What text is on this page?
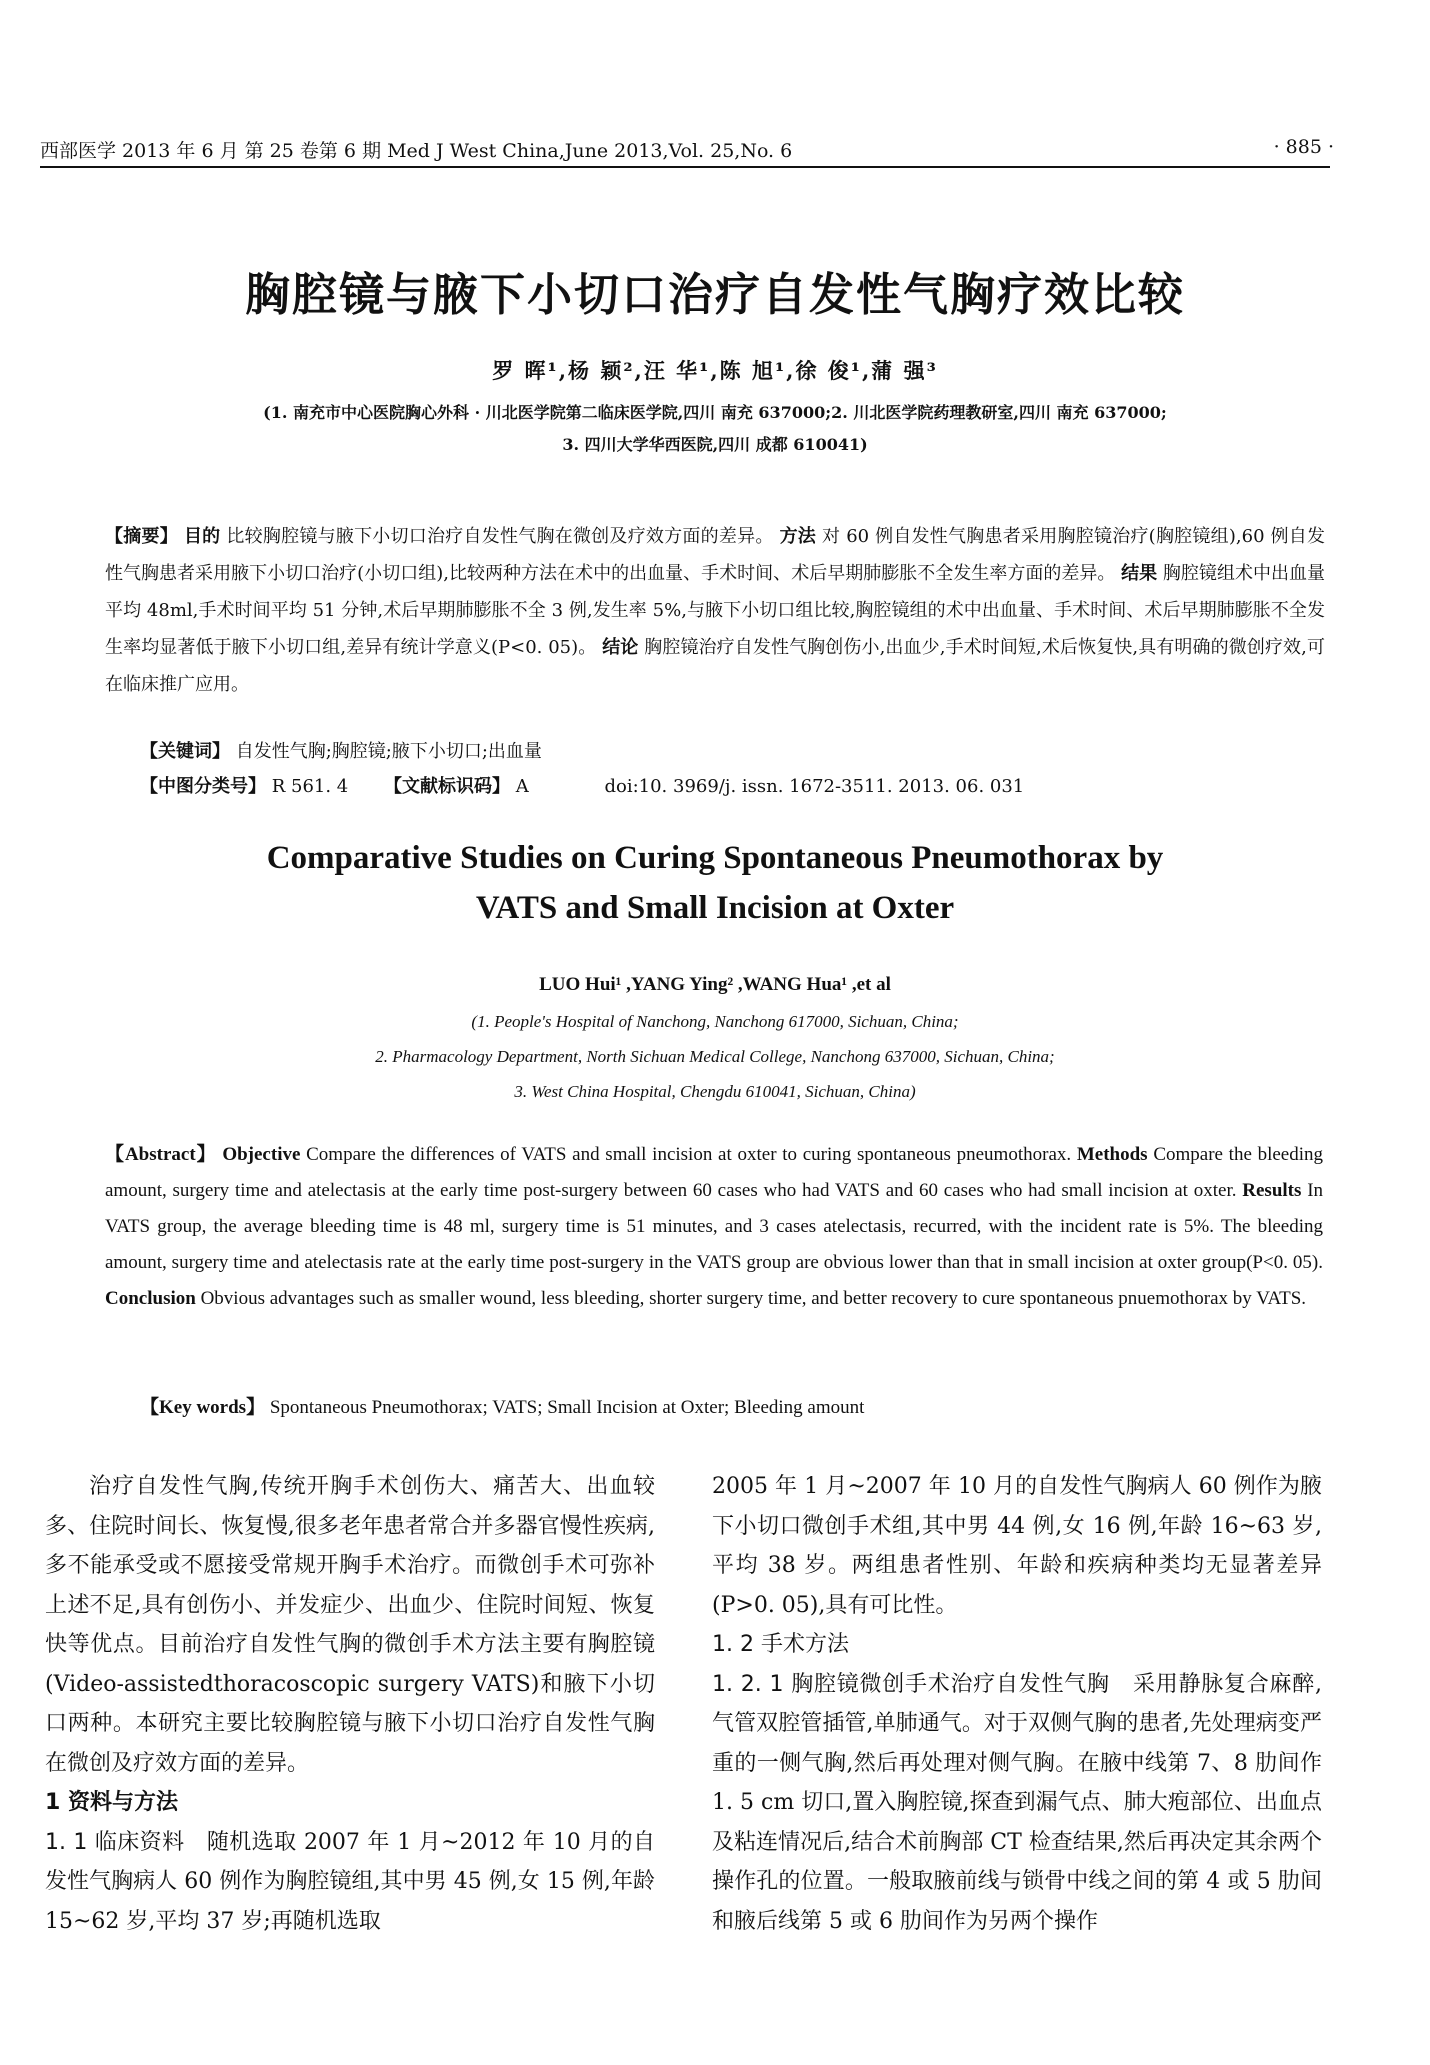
西部医学 2013 年 6 月 第 25 卷第 6 期 Med J West China,June 2013,Vol. 25,No. 6	· 885 ·
胸腔镜与腋下小切口治疗自发性气胸疗效比较
罗 晖¹,杨 颖²,汪 华¹,陈 旭¹,徐 俊¹,蒲 强³
(1. 南充市中心医院胸心外科 · 川北医学院第二临床医学院,四川 南充 637000;2. 川北医学院药理教研室,四川 南充 637000;
3. 四川大学华西医院,四川 成都 610041)

【摘要】 目的 比较胸腔镜与腋下小切口治疗自发性气胸在微创及疗效方面的差异。 方法 对 60 例自发性气胸患者采用胸腔镜治疗(胸腔镜组),60 例自发性气胸患者采用腋下小切口治疗(小切口组),比较两种方法在术中的出血量、手术时间、术后早期肺膨胀不全发生率方面的差异。 结果 胸腔镜组术中出血量平均 48ml,手术时间平均 51 分钟,术后早期肺膨胀不全 3 例,发生率 5%,与腋下小切口组比较,胸腔镜组的术中出血量、手术时间、术后早期肺膨胀不全发生率均显著低于腋下小切口组,差异有统计学意义(P<0. 05)。 结论 胸腔镜治疗自发性气胸创伤小,出血少,手术时间短,术后恢复快,具有明确的微创疗效,可在临床推广应用。

【关键词】 自发性气胸;胸腔镜;腋下小切口;出血量
【中图分类号】 R 561. 4 【文献标识码】 A	doi:10. 3969/j. issn. 1672-3511. 2013. 06. 031
Comparative Studies on Curing Spontaneous Pneumothorax by
VATS and Small Incision at Oxter
LUO Hui¹ ,YANG Ying² ,WANG Hua¹ ,et al
(1. People's Hospital of Nanchong, Nanchong 617000, Sichuan, China;
2. Pharmacology Department, North Sichuan Medical College, Nanchong 637000, Sichuan, China;
3. West China Hospital, Chengdu 610041, Sichuan, China)

【Abstract】 Objective Compare the differences of VATS and small incision at oxter to curing spontaneous pneumothorax. Methods Compare the bleeding amount, surgery time and atelectasis at the early time post-surgery between 60 cases who had VATS and 60 cases who had small incision at oxter. Results In VATS group, the average bleeding time is 48 ml, surgery time is 51 minutes, and 3 cases atelectasis, recurred, with the incident rate is 5%. The bleeding amount, surgery time and atelectasis rate at the early time post-surgery in the VATS group are obvious lower than that in small incision at oxter group(P<0. 05). Conclusion Obvious advantages such as smaller wound, less bleeding, shorter surgery time, and better recovery to cure spontaneous pnuemothorax by VATS.

【Key words】 Spontaneous Pneumothorax; VATS; Small Incision at Oxter; Bleeding amount

治疗自发性气胸,传统开胸手术创伤大、痛苦大、出血较多、住院时间长、恢复慢,很多老年患者常合并多器官慢性疾病,多不能承受或不愿接受常规开胸手术治疗。而微创手术可弥补上述不足,具有创伤小、并发症少、出血少、住院时间短、恢复快等优点。目前治疗自发性气胸的微创手术方法主要有胸腔镜(Video-assistedthoracoscopic surgery VATS)和腋下小切口两种。本研究主要比较胸腔镜与腋下小切口治疗自发性气胸在微创及疗效方面的差异。

1 资料与方法

1. 1 临床资料 随机选取 2007 年 1 月~2012 年 10 月的自发性气胸病人 60 例作为胸腔镜组,其中男 45 例,女 15 例,年龄 15~62 岁,平均 37 岁;再随机选取

2005 年 1 月~2007 年 10 月的自发性气胸病人 60 例作为腋下小切口微创手术组,其中男 44 例,女 16 例,年龄 16~63 岁,平均 38 岁。两组患者性别、年龄和疾病种类均无显著差异(P>0. 05),具有可比性。

1. 2 手术方法

1. 2. 1 胸腔镜微创手术治疗自发性气胸 采用静脉复合麻醉,气管双腔管插管,单肺通气。对于双侧气胸的患者,先处理病变严重的一侧气胸,然后再处理对侧气胸。在腋中线第 7、8 肋间作 1. 5 cm 切口,置入胸腔镜,探查到漏气点、肺大疱部位、出血点及粘连情况后,结合术前胸部 CT 检查结果,然后再决定其余两个操作孔的位置。一般取腋前线与锁骨中线之间的第 4 或 5 肋间和腋后线第 5 或 6 肋间作为另两个操作
